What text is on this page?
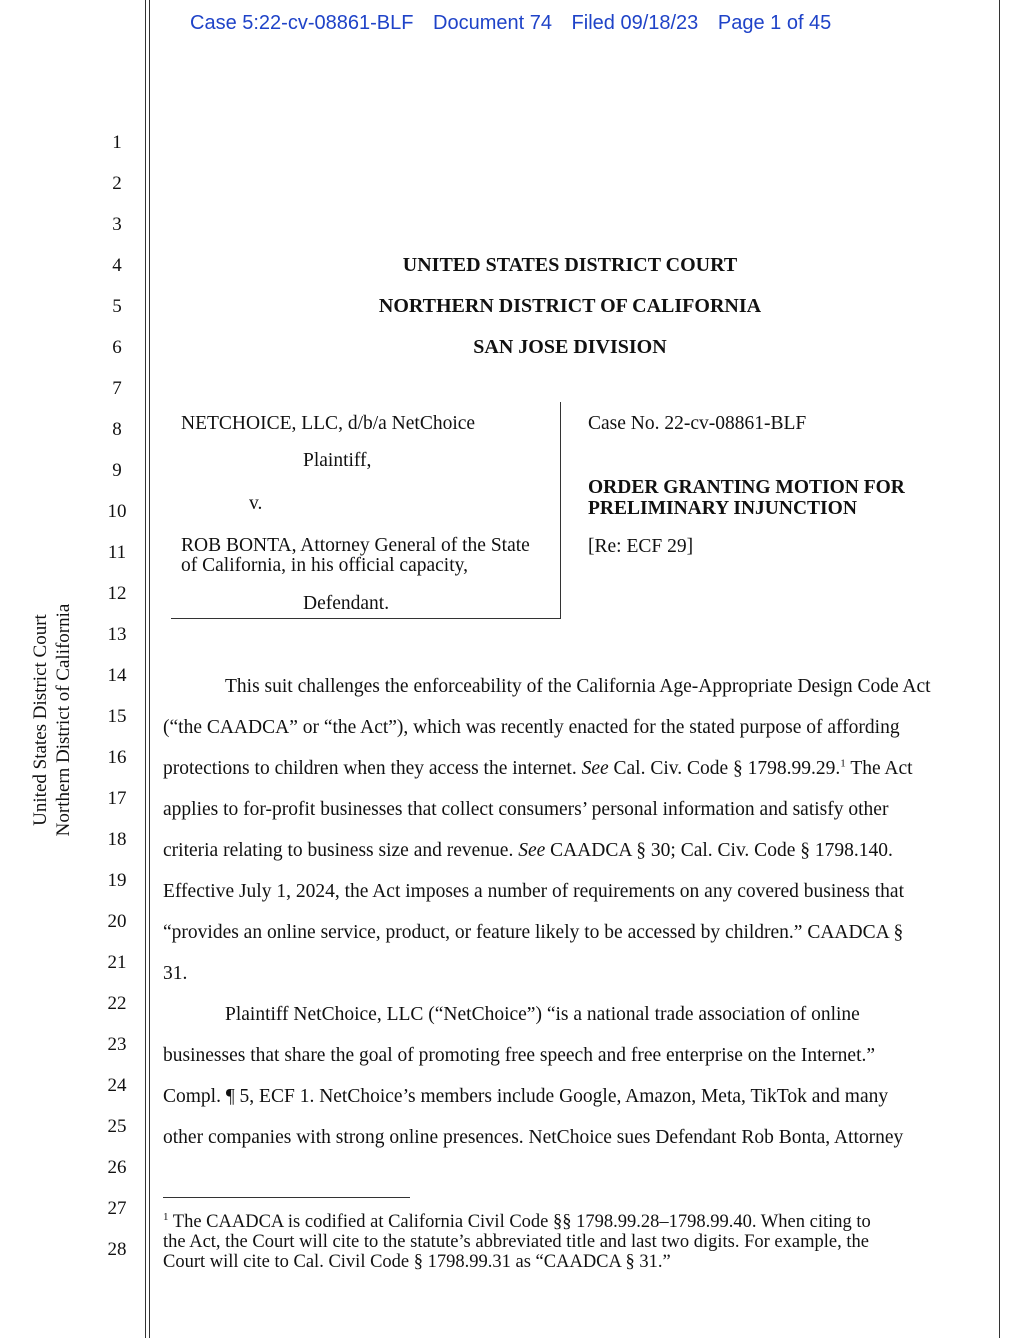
Case 5:22-cv-08861-BLF Document 74 Filed 09/18/23 Page 1 of 45
United States District Court Northern District of California
1
2
3
4
5
6
7
8
9
10
11
12
13
14
15
16
17
18
19
20
21
22
23
24
25
26
27
28
UNITED STATES DISTRICT COURT
NORTHERN DISTRICT OF CALIFORNIA
SAN JOSE DIVISION
NETCHOICE, LLC, d/b/a NetChoice
Plaintiff,
v.
ROB BONTA, Attorney General of the State
of California, in his official capacity,
Defendant.
Case No. 22-cv-08861-BLF
ORDER GRANTING MOTION FOR
PRELIMINARY INJUNCTION
[Re: ECF 29]
This suit challenges the enforceability of the California Age-Appropriate Design Code Act
(“the CAADCA” or “the Act”), which was recently enacted for the stated purpose of affording
protections to children when they access the internet. See Cal. Civ. Code § 1798.99.29.$^1$ The Act
applies to for-profit businesses that collect consumers’ personal information and satisfy other
criteria relating to business size and revenue. See CAADCA § 30; Cal. Civ. Code § 1798.140.
Effective July 1, 2024, the Act imposes a number of requirements on any covered business that
“provides an online service, product, or feature likely to be accessed by children.” CAADCA §
31.
Plaintiff NetChoice, LLC (“NetChoice”) “is a national trade association of online
businesses that share the goal of promoting free speech and free enterprise on the Internet.”
Compl. ¶ 5, ECF 1. NetChoice’s members include Google, Amazon, Meta, TikTok and many
other companies with strong online presences. NetChoice sues Defendant Rob Bonta, Attorney
$^1$ The CAADCA is codified at California Civil Code §§ 1798.99.28–1798.99.40. When citing to
the Act, the Court will cite to the statute’s abbreviated title and last two digits. For example, the
Court will cite to Cal. Civil Code § 1798.99.31 as “CAADCA § 31.”
